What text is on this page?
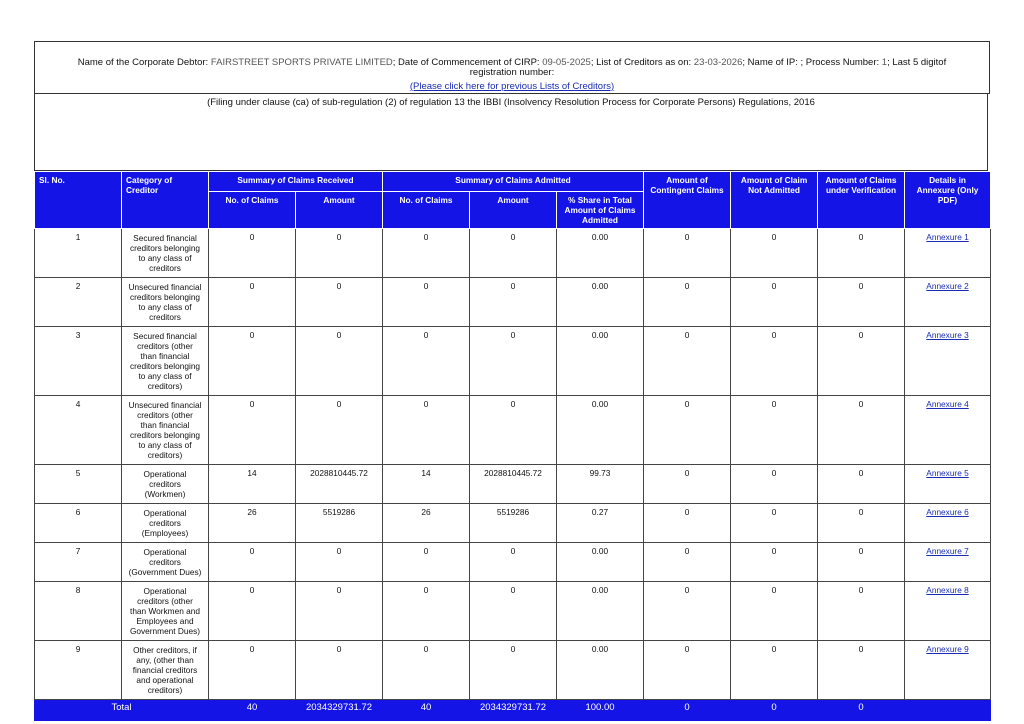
Name of the Corporate Debtor: FAIRSTREET SPORTS PRIVATE LIMITED; Date of Commencement of CIRP: 09-05-2025; List of Creditors as on: 23-03-2026; Name of IP: ; Process Number: 1; Last 5 digitof registration number:
(Please click here for previous Lists of Creditors)
(Filing under clause (ca) of sub-regulation (2) of regulation 13 the IBBI (Insolvency Resolution Process for Corporate Persons) Regulations, 2016
Sl. No.	Category of Creditor	Summary of Claims Received		Summary of Claims Admitted			Amount of Contingent Claims	Amount of Claim Not Admitted	Amount of Claims under Verification	Details in Annexure (Only PDF)
		No. of Claims	Amount	No. of Claims	Amount	% Share in Total Amount of Claims Admitted				
1	Secured financial creditors belonging to any class of creditors	0	0	0	0	0.00	0	0	0	Annexure 1
2	Unsecured financial creditors belonging to any class of creditors	0	0	0	0	0.00	0	0	0	Annexure 2
3	Secured financial creditors (other than financial creditors belonging to any class of creditors)	0	0	0	0	0.00	0	0	0	Annexure 3
4	Unsecured financial creditors (other than financial creditors belonging to any class of creditors)	0	0	0	0	0.00	0	0	0	Annexure 4
5	Operational creditors (Workmen)	14	2028810445.72	14	2028810445.72	99.73	0	0	0	Annexure 5
6	Operational creditors (Employees)	26	5519286	26	5519286	0.27	0	0	0	Annexure 6
7	Operational creditors (Government Dues)	0	0	0	0	0.00	0	0	0	Annexure 7
8	Operational creditors (other than Workmen and Employees and Government Dues)	0	0	0	0	0.00	0	0	0	Annexure 8
9	Other creditors, if any, (other than financial creditors and operational creditors)	0	0	0	0	0.00	0	0	0	Annexure 9
Total		40	2034329731.72	40	2034329731.72	100.00	0	0	0	
